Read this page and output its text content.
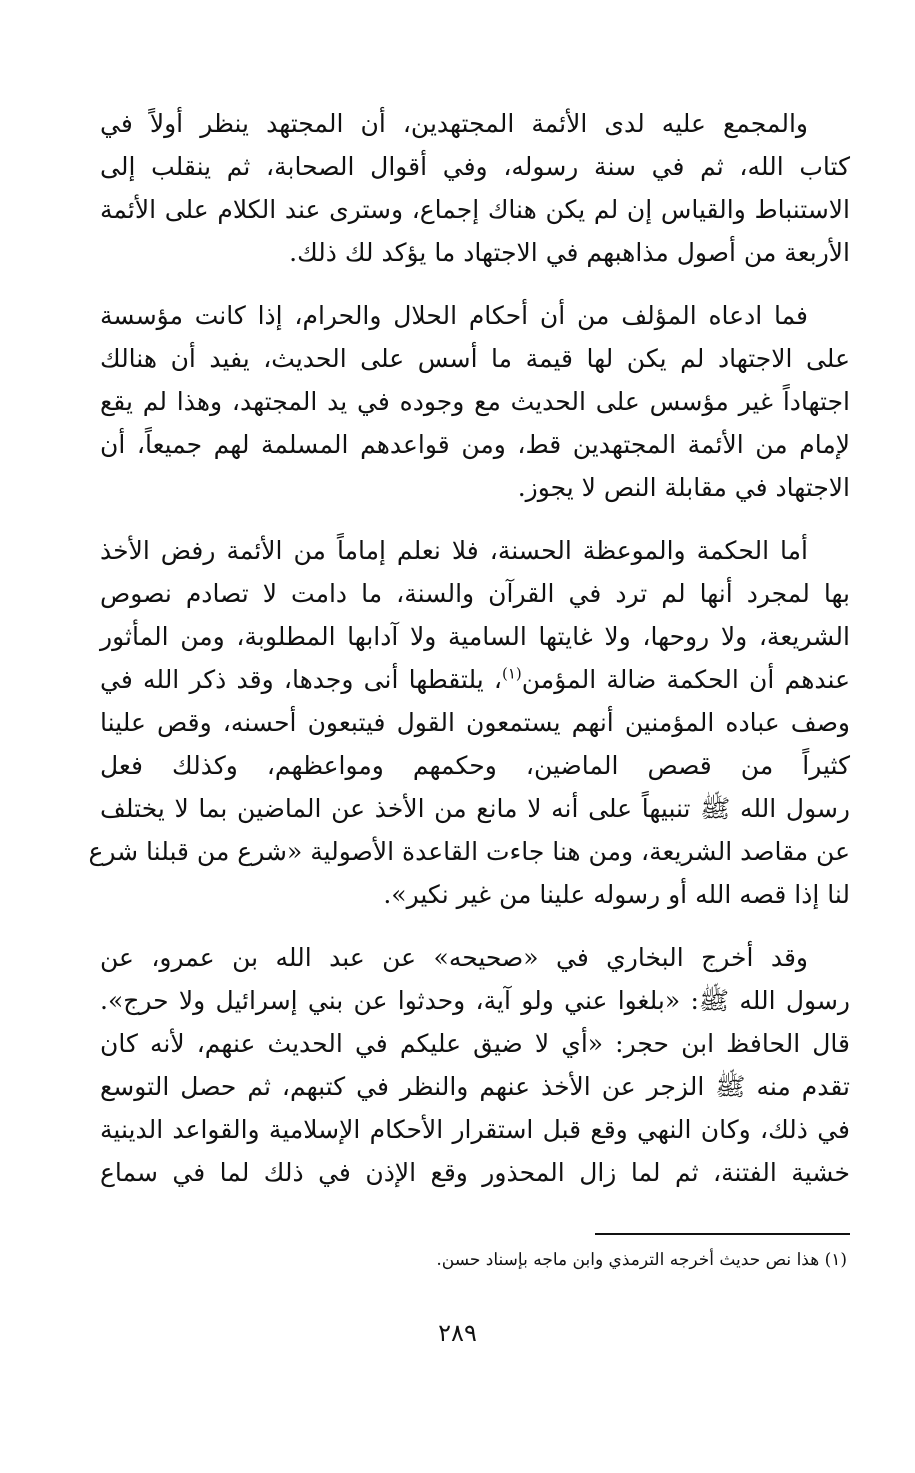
والمجمع عليه لدى الأئمة المجتهدين، أن المجتهد ينظر أولاً في
كتاب الله، ثم في سنة رسوله، وفي أقوال الصحابة، ثم ينقلب إلى
الاستنباط والقياس إن لم يكن هناك إجماع، وسترى عند الكلام على الأئمة
الأربعة من أصول مذاهبهم في الاجتهاد ما يؤكد لك ذلك.

فما ادعاه المؤلف من أن أحكام الحلال والحرام، إذا كانت مؤسسة
على الاجتهاد لم يكن لها قيمة ما أسس على الحديث، يفيد أن هنالك
اجتهاداً غير مؤسس على الحديث مع وجوده في يد المجتهد، وهذا لم يقع
لإمام من الأئمة المجتهدين قط، ومن قواعدهم المسلمة لهم جميعاً، أن
الاجتهاد في مقابلة النص لا يجوز.

أما الحكمة والموعظة الحسنة، فلا نعلم إماماً من الأئمة رفض الأخذ
بها لمجرد أنها لم ترد في القرآن والسنة، ما دامت لا تصادم نصوص
الشريعة، ولا روحها، ولا غايتها السامية ولا آدابها المطلوبة، ومن المأثور
عندهم أن الحكمة ضالة المؤمن$^{(١)}$، يلتقطها أنى وجدها، وقد ذكر الله في
وصف عباده المؤمنين أنهم يستمعون القول فيتبعون أحسنه، وقص علينا
كثيراً من قصص الماضين، وحكمهم ومواعظهم، وكذلك فعل
رسول الله ﷺ تنبيهاً على أنه لا مانع من الأخذ عن الماضين بما لا يختلف
عن مقاصد الشريعة، ومن هنا جاءت القاعدة الأصولية «شرع من قبلنا شرع
لنا إذا قصه الله أو رسوله علينا من غير نكير».

وقد أخرج البخاري في «صحيحه» عن عبد الله بن عمرو، عن
رسول الله ﷺ: «بلغوا عني ولو آية، وحدثوا عن بني إسرائيل ولا حرج».
قال الحافظ ابن حجر: «أي لا ضيق عليكم في الحديث عنهم، لأنه كان
تقدم منه ﷺ الزجر عن الأخذ عنهم والنظر في كتبهم، ثم حصل التوسع
في ذلك، وكان النهي وقع قبل استقرار الأحكام الإسلامية والقواعد الدينية
خشية الفتنة، ثم لما زال المحذور وقع الإذن في ذلك لما في سماع

(١) هذا نص حديث أخرجه الترمذي وابن ماجه بإسناد حسن.
٢٨٩
